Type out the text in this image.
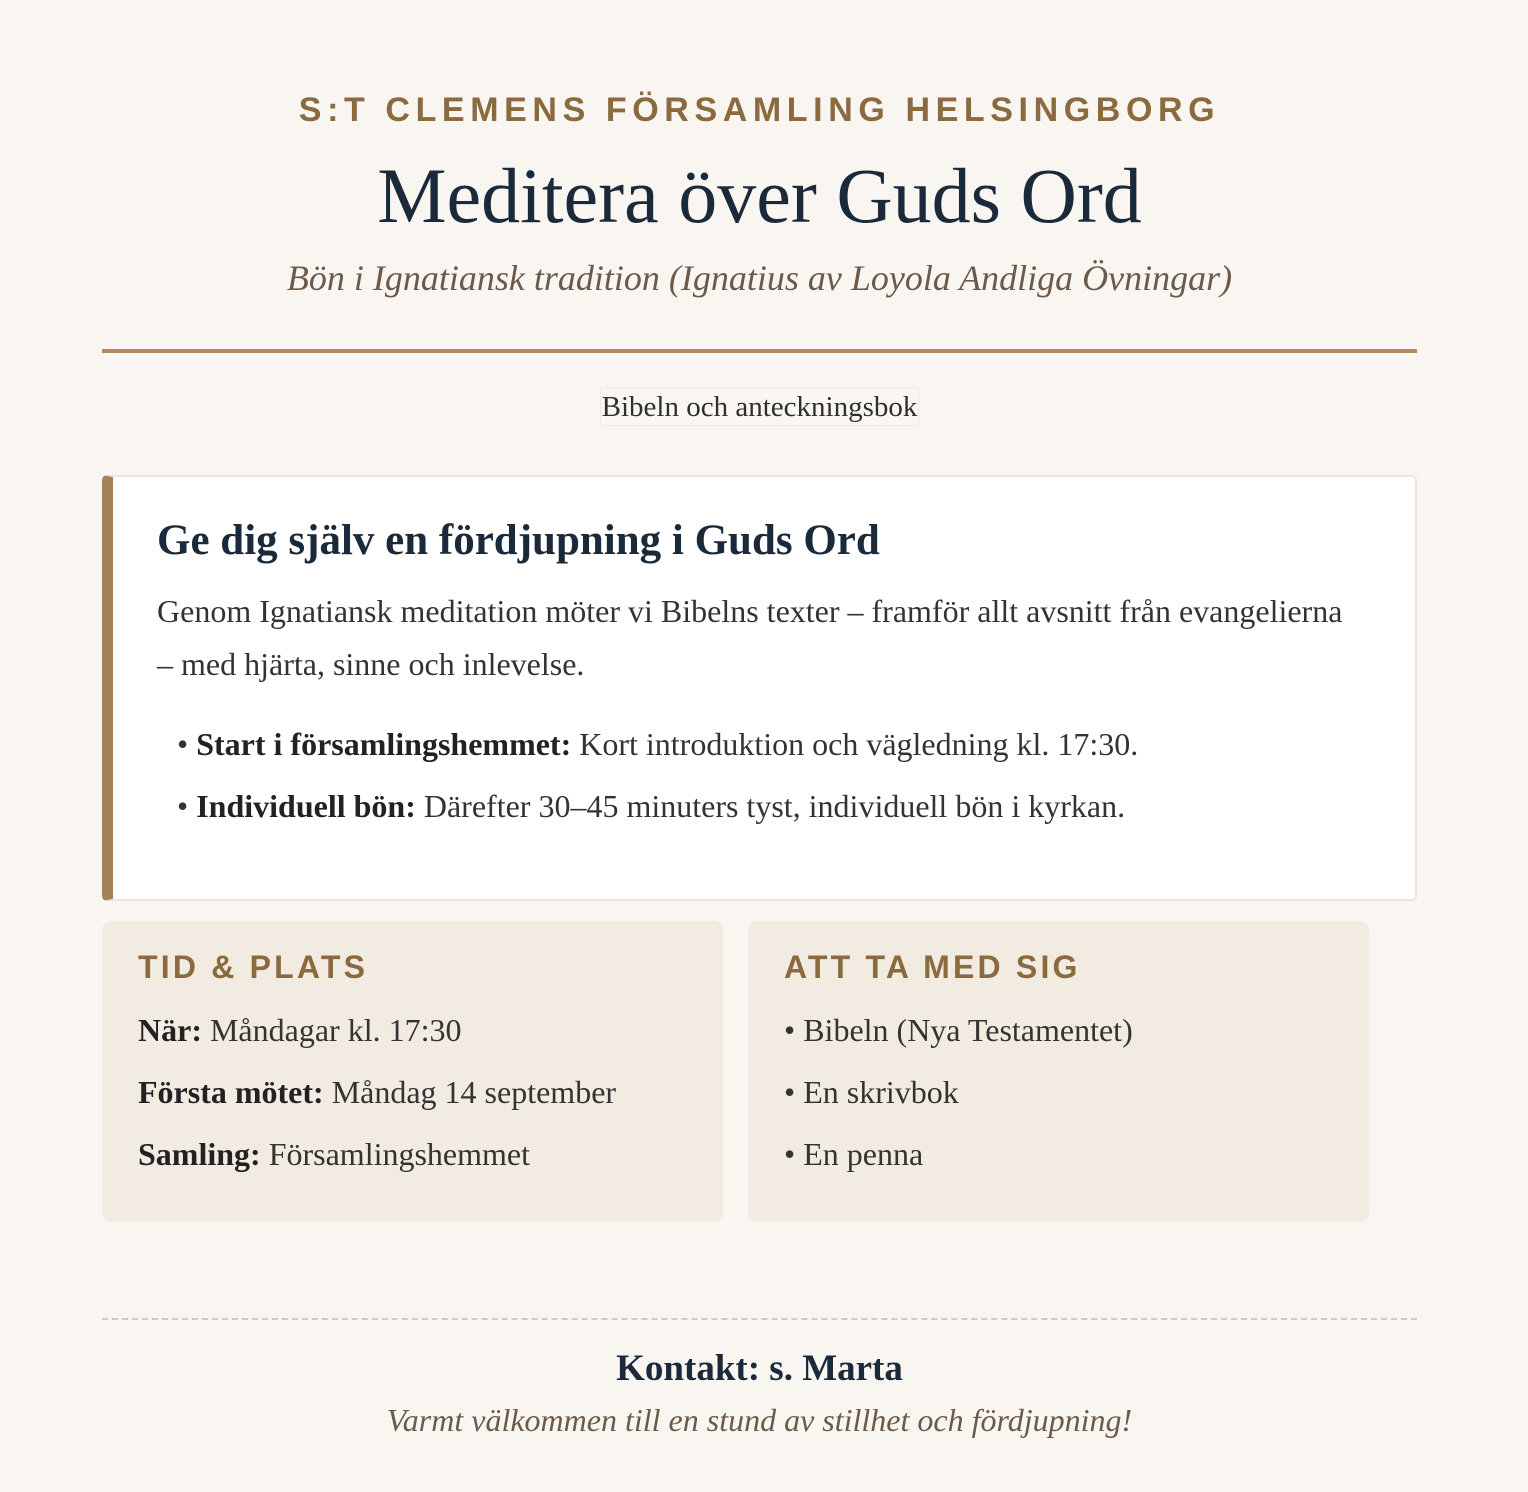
S:T CLEMENS FÖRSAMLING HELSINGBORG
Meditera över Guds Ord
Bön i Ignatiansk tradition (Ignatius av Loyola Andliga Övningar)
Bibeln och anteckningsbok
Ge dig själv en fördjupning i Guds Ord

Genom Ignatiansk meditation möter vi Bibelns texter – framför allt avsnitt från evangelierna – med hjärta, sinne och inlevelse.

• Start i församlingshemmet: Kort introduktion och vägledning kl. 17:30.
• Individuell bön: Därefter 30–45 minuters tyst, individuell bön i kyrkan.
TID & PLATS
När: Måndagar kl. 17:30
Första mötet: Måndag 14 september
Samling: Församlingshemmet
ATT TA MED SIG
• Bibeln (Nya Testamentet)
• En skrivbok
• En penna
Kontakt: s. Marta
Varmt välkommen till en stund av stillhet och fördjupning!
